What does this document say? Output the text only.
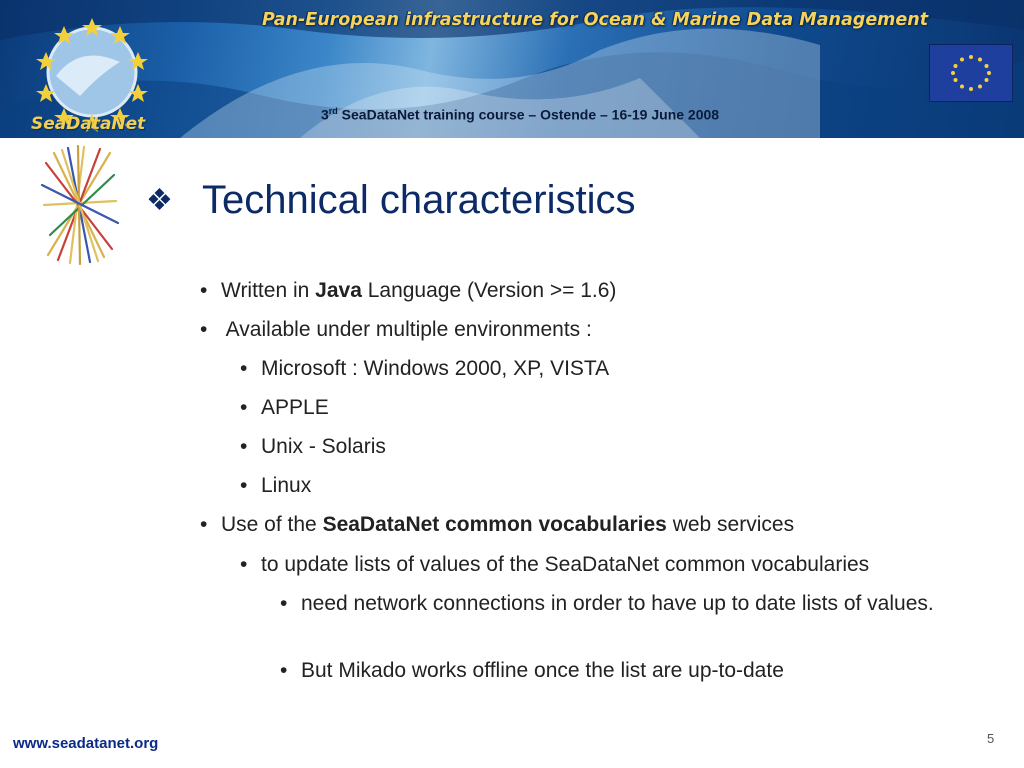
SeaDataNet
Pan-European infrastructure for Ocean & Marine Data Management
3rd SeaDataNet training course – Ostende – 16-19 June 2008
❖ Technical characteristics
• Written in Java Language (Version >= 1.6)
• Available under multiple environments :
• Microsoft : Windows 2000, XP, VISTA
• APPLE
• Unix - Solaris
• Linux
• Use of the SeaDataNet common vocabularies web services
• to update lists of values of the SeaDataNet common vocabularies
• need network connections in order to have up to date lists of values.
• But Mikado works offline once the list are up-to-date
www.seadatanet.org	5
